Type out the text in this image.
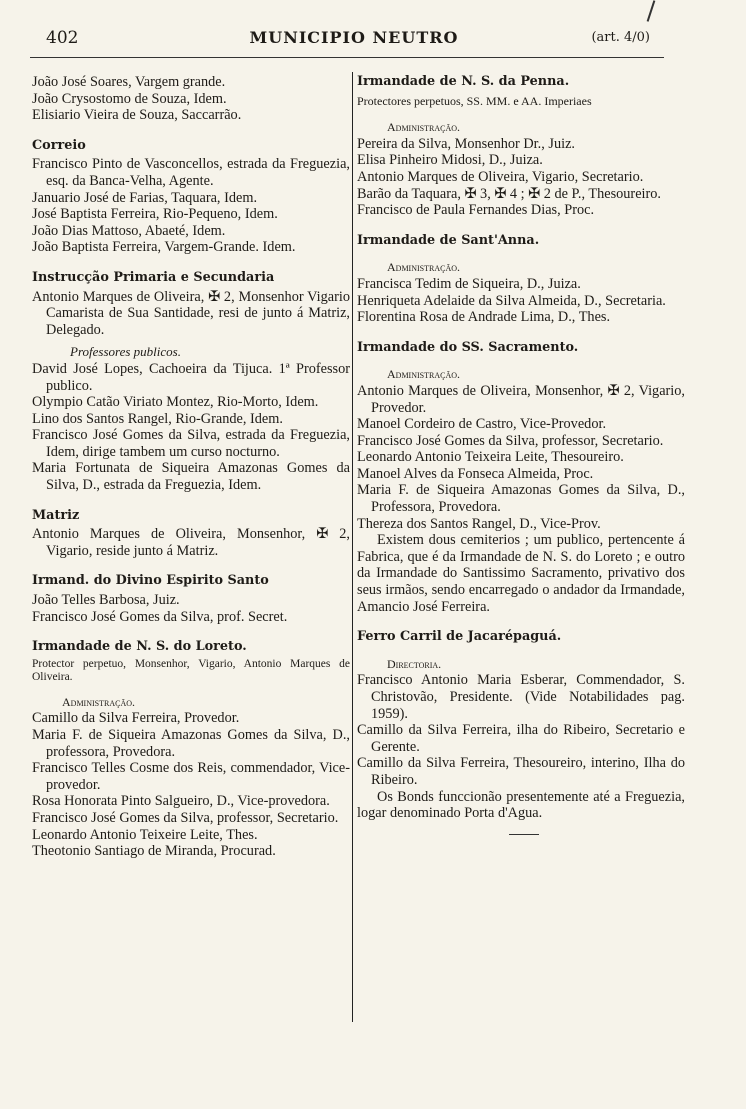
402	MUNICIPIO NEUTRO	(art. 4/0)

João José Soares, Vargem grande.

João Crysostomo de Souza, Idem.

Elisiario Vieira de Souza, Saccarrão.

Correio

Francisco Pinto de Vasconcellos, estrada da Freguezia, esq. da Banca-Velha, Agente.

Januario José de Farias, Taquara, Idem.

José Baptista Ferreira, Rio-Pequeno, Idem.

João Dias Mattoso, Abaeté, Idem.

João Baptista Ferreira, Vargem-Grande. Idem.

Instrucção Primaria e Secundaria

Antonio Marques de Oliveira, ✠ 2, Monsenhor Vigario Camarista de Sua Santidade, resi de junto á Matriz, Delegado.

Professores publicos.

David José Lopes, Cachoeira da Tijuca. 1ª Professor publico.

Olympio Catão Viriato Montez, Rio-Morto, Idem.

Lino dos Santos Rangel, Rio-Grande, Idem.

Francisco José Gomes da Silva, estrada da Freguezia, Idem, dirige tambem um curso nocturno.

Maria Fortunata de Siqueira Amazonas Gomes da Silva, D., estrada da Freguezia, Idem.

Matriz

Antonio Marques de Oliveira, Monsenhor, ✠ 2, Vigario, reside junto á Matriz.

Irmand. do Divino Espirito Santo

João Telles Barbosa, Juiz.

Francisco José Gomes da Silva, prof. Secret.

Irmandade de N. S. do Loreto.

Protector perpetuo, Monsenhor, Vigario, Antonio Marques de Oliveira.

Administração.

Camillo da Silva Ferreira, Provedor.

Maria F. de Siqueira Amazonas Gomes da Silva, D., professora, Provedora.

Francisco Telles Cosme dos Reis, commendador, Vice-provedor.

Rosa Honorata Pinto Salgueiro, D., Vice-provedora.

Francisco José Gomes da Silva, professor, Secretario.

Leonardo Antonio Teixeire Leite, Thes.

Theotonio Santiago de Miranda, Procurad.

Irmandade de N. S. da Penna.

Protectores perpetuos, SS. MM. e AA. Imperiaes

Administração.

Pereira da Silva, Monsenhor Dr., Juiz.

Elisa Pinheiro Midosi, D., Juiza.

Antonio Marques de Oliveira, Vigario, Secretario.

Barão da Taquara, ✠ 3, ✠ 4 ; ✠ 2 de P., Thesoureiro.

Francisco de Paula Fernandes Dias, Proc.

Irmandade de Sant'Anna.

Administração.

Francisca Tedim de Siqueira, D., Juiza.

Henriqueta Adelaide da Silva Almeida, D., Secretaria.

Florentina Rosa de Andrade Lima, D., Thes.

Irmandade do SS. Sacramento.

Administração.

Antonio Marques de Oliveira, Monsenhor, ✠ 2, Vigario, Provedor.

Manoel Cordeiro de Castro, Vice-Provedor.

Francisco José Gomes da Silva, professor, Secretario.

Leonardo Antonio Teixeira Leite, Thesoureiro.

Manoel Alves da Fonseca Almeida, Proc.

Maria F. de Siqueira Amazonas Gomes da Silva, D., Professora, Provedora.

Thereza dos Santos Rangel, D., Vice-Prov.

Existem dous cemiterios ; um publico, pertencente á Fabrica, que é da Irmandade de N. S. do Loreto ; e outro da Irmandade do Santissimo Sacramento, privativo dos seus irmãos, sendo encarregado o andador da Irmandade, Amancio José Ferreira.

Ferro Carril de Jacarépaguá.

Directoria.

Francisco Antonio Maria Esberar, Commendador, S. Christovão, Presidente. (Vide Notabilidades pag. 1959).

Camillo da Silva Ferreira, ilha do Ribeiro, Secretario e Gerente.

Camillo da Silva Ferreira, Thesoureiro, interino, Ilha do Ribeiro.

Os Bonds funccionão presentemente até a Freguezia, logar denominado Porta d'Agua.
